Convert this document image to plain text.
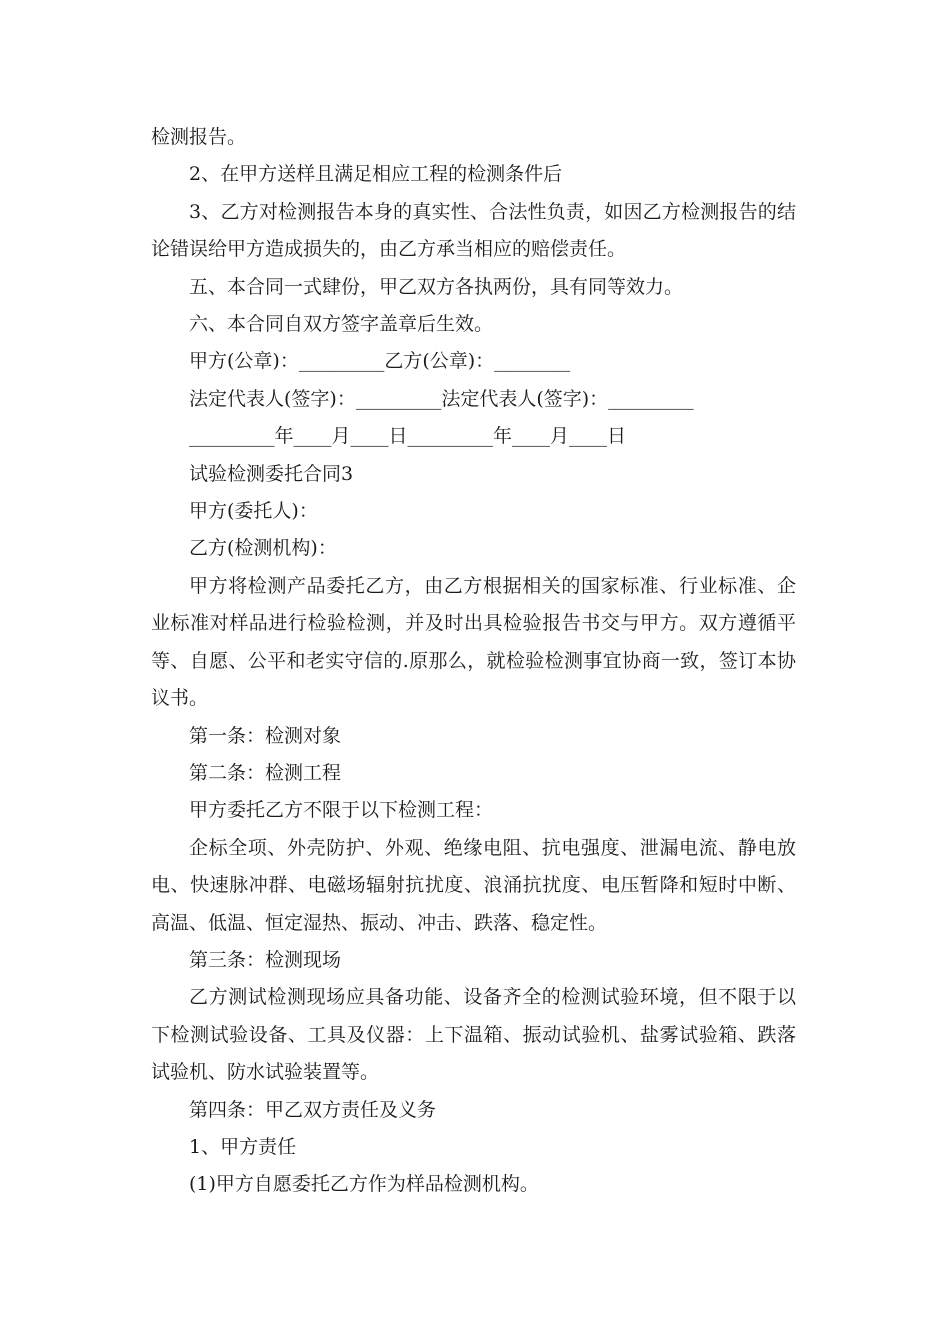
检测报告。

2、在甲方送样且满足相应工程的检测条件后

3、乙方对检测报告本身的真实性、合法性负责，如因乙方检测报告的结论错误给甲方造成损失的，由乙方承当相应的赔偿责任。

五、本合同一式肆份，甲乙双方各执两份，具有同等效力。

六、本合同自双方签字盖章后生效。

甲方(公章)：_________乙方(公章)：________

法定代表人(签字)：_________法定代表人(签字)：_________

_________年____月____日_________年____月____日

试验检测委托合同3

甲方(委托人)：

乙方(检测机构)：

甲方将检测产品委托乙方，由乙方根据相关的国家标准、行业标准、企业标准对样品进行检验检测，并及时出具检验报告书交与甲方。双方遵循平等、自愿、公平和老实守信的.原那么，就检验检测事宜协商一致，签订本协议书。

第一条：检测对象

第二条：检测工程

甲方委托乙方不限于以下检测工程：

企标全项、外壳防护、外观、绝缘电阻、抗电强度、泄漏电流、静电放电、快速脉冲群、电磁场辐射抗扰度、浪涌抗扰度、电压暂降和短时中断、高温、低温、恒定湿热、振动、冲击、跌落、稳定性。

第三条：检测现场

乙方测试检测现场应具备功能、设备齐全的检测试验环境，但不限于以下检测试验设备、工具及仪器：上下温箱、振动试验机、盐雾试验箱、跌落试验机、防水试验装置等。

第四条：甲乙双方责任及义务

1、甲方责任

(1)甲方自愿委托乙方作为样品检测机构。
